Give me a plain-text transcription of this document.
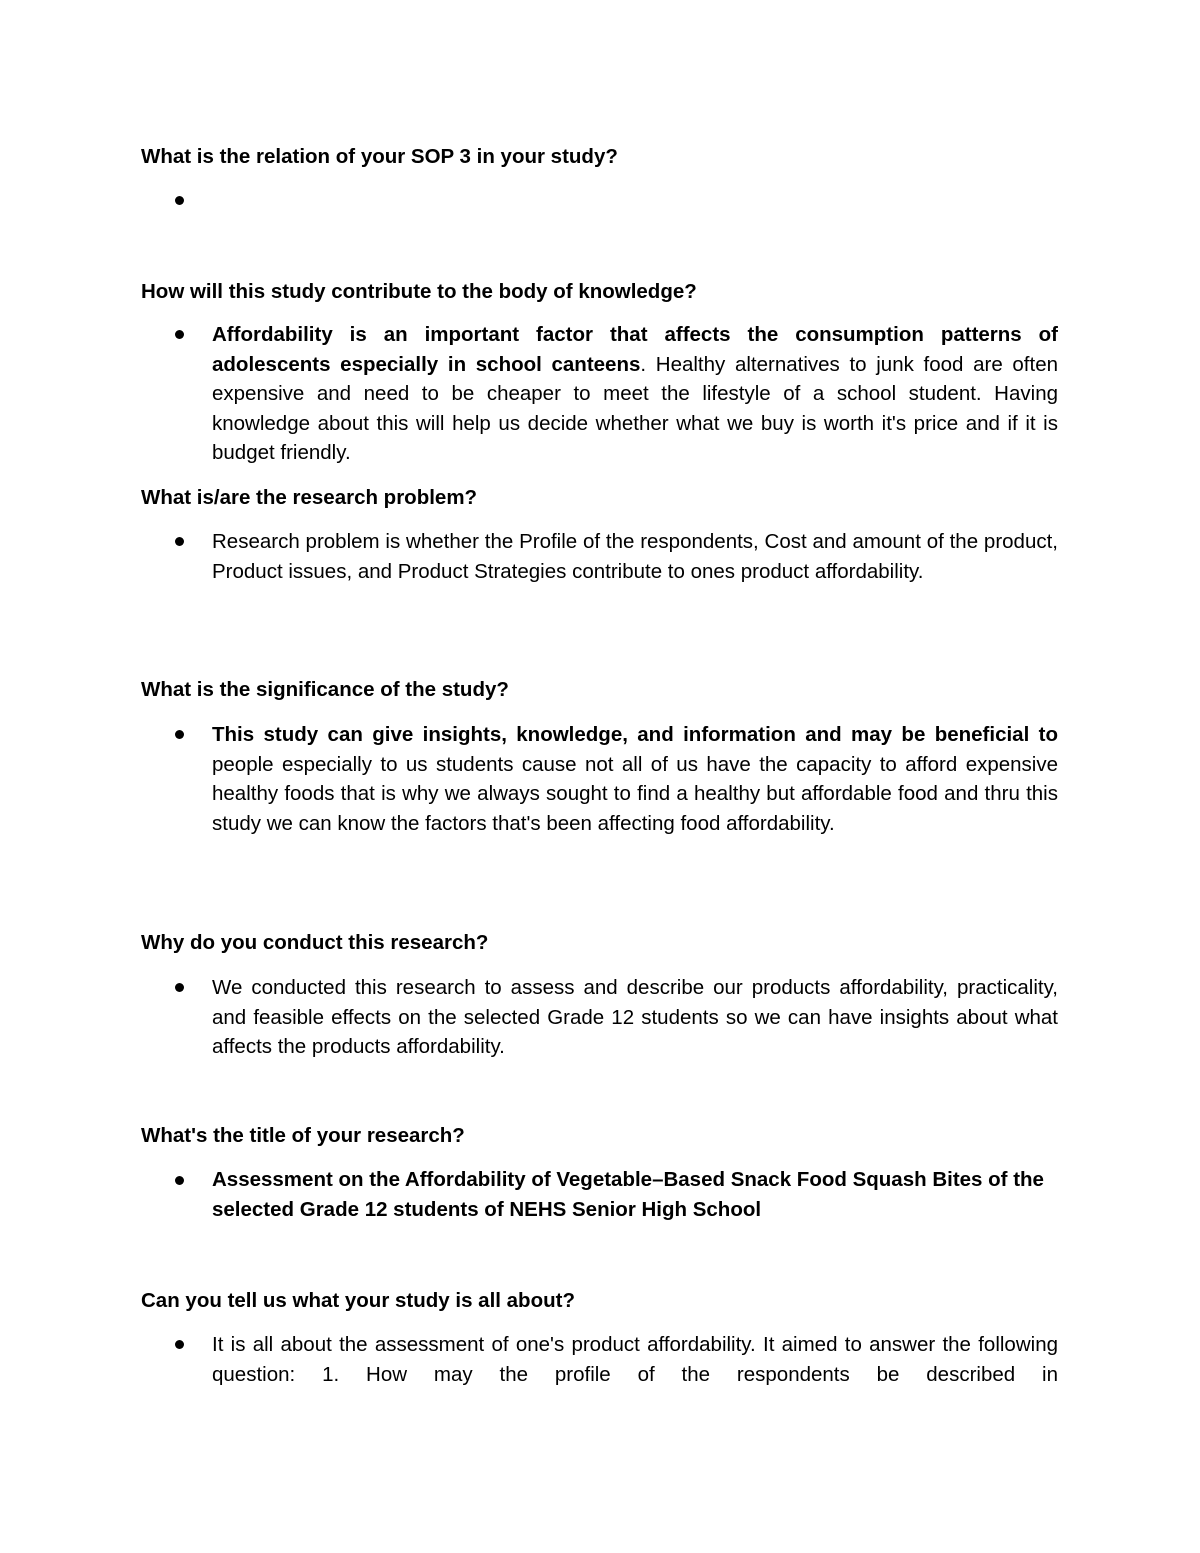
What is the relation of your SOP 3 in your study?
How will this study contribute to the body of knowledge?
Affordability is an important factor that affects the consumption patterns of adolescents especially in school canteens. Healthy alternatives to junk food are often expensive and need to be cheaper to meet the lifestyle of a school student. Having knowledge about this will help us decide whether what we buy is worth it's price and if it is budget friendly.
What is/are the research problem?
Research problem is whether the Profile of the respondents, Cost and amount of the product, Product issues, and Product Strategies contribute to ones product affordability.
What is the significance of the study?
This study can give insights, knowledge, and information and may be beneficial to people especially to us students cause not all of us have the capacity to afford expensive healthy foods that is why we always sought to find a healthy but affordable food and thru this study we can know the factors that's been affecting food affordability.
Why do you conduct this research?
We conducted this research to assess and describe our products affordability, practicality, and feasible effects on the selected Grade 12 students so we can have insights about what affects the products affordability.
What's the title of your research?
Assessment on the Affordability of Vegetable–Based Snack Food Squash Bites of the selected Grade 12 students of NEHS Senior High School
Can you tell us what your study is all about?
It is all about the assessment of one's product affordability. It aimed to answer the following question: 1. How may the profile of the respondents be described in
